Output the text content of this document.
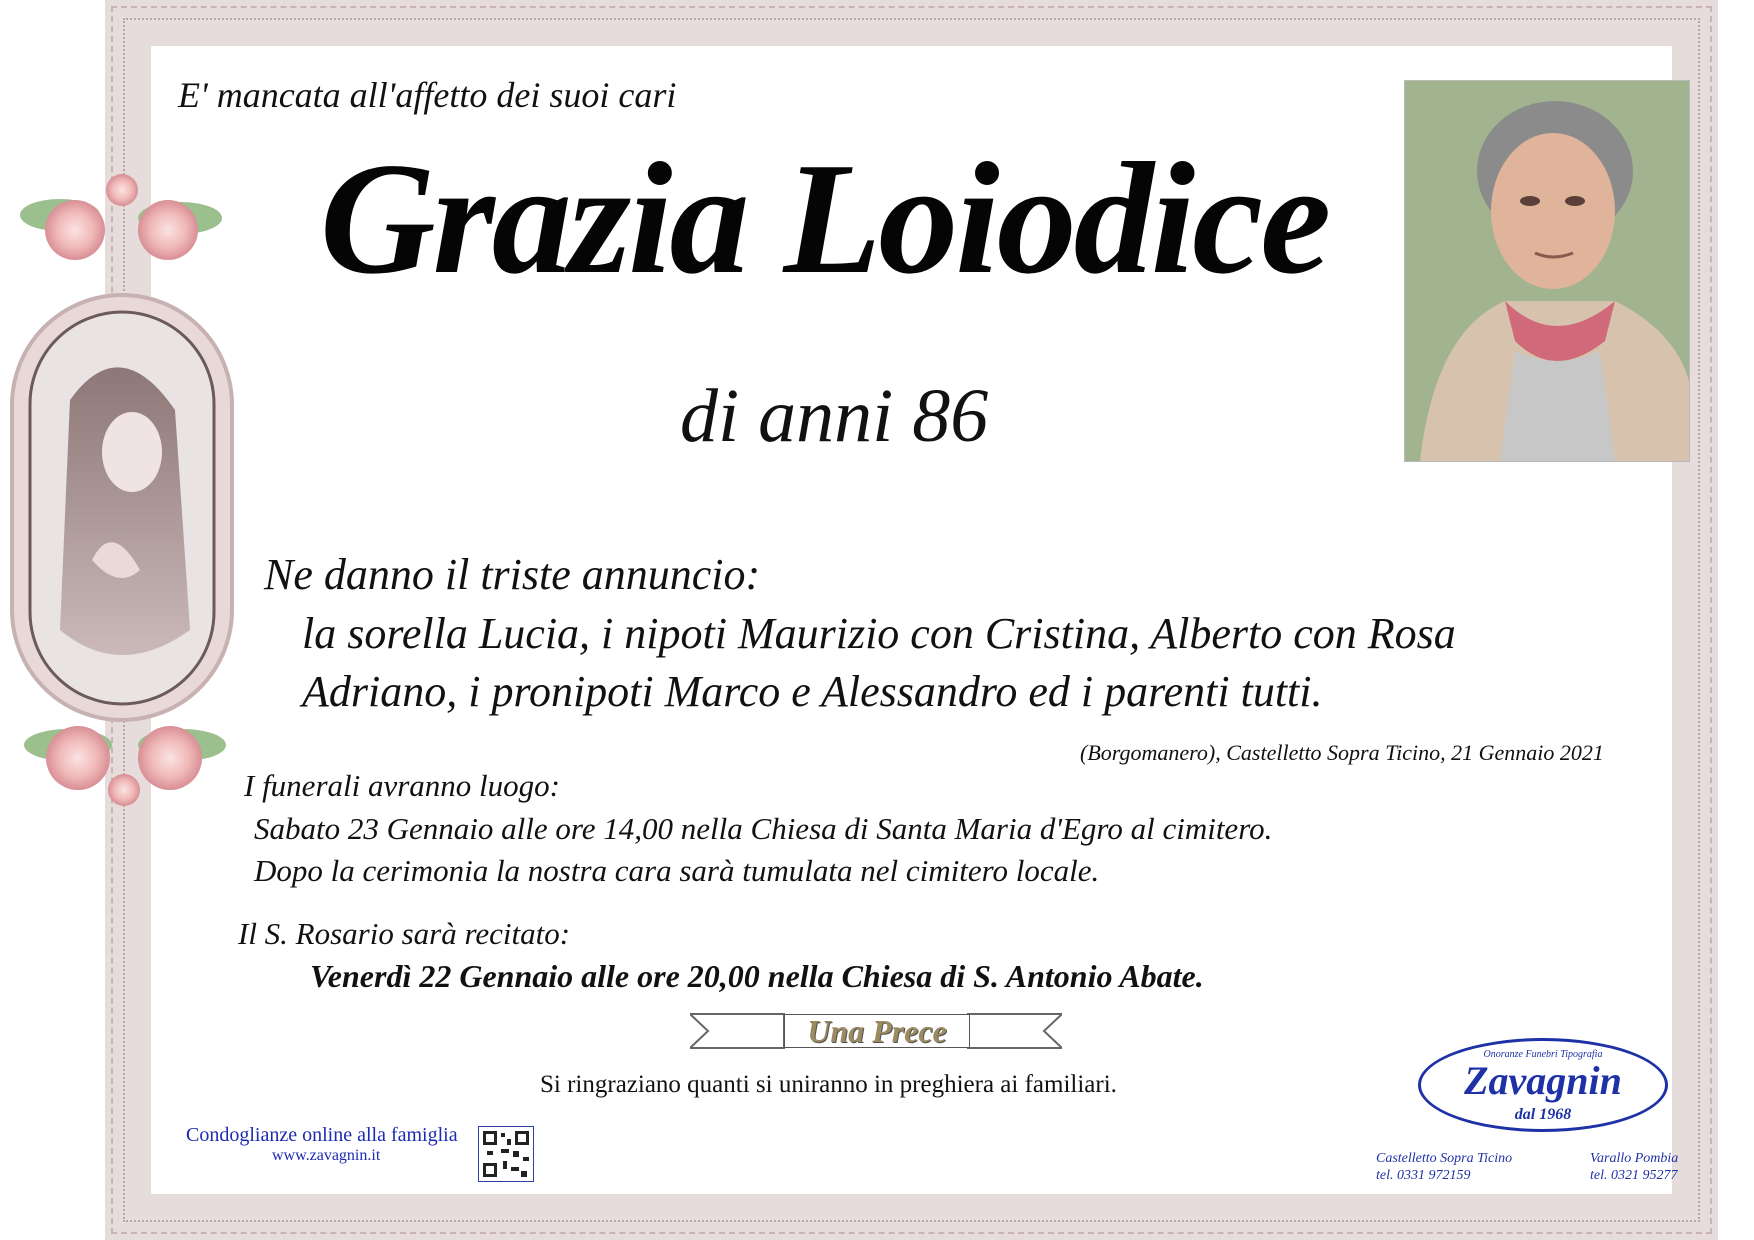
E' mancata all'affetto dei suoi cari
Grazia Loiodice
di anni 86
Ne danno il triste annuncio:
la sorella Lucia, i nipoti Maurizio con Cristina, Alberto con Rosa
Adriano, i pronipoti Marco e Alessandro ed i parenti tutti.
(Borgomanero), Castelletto Sopra Ticino, 21 Gennaio 2021
I funerali avranno luogo:
Sabato 23 Gennaio alle ore 14,00 nella Chiesa di Santa Maria d'Egro al cimitero.
Dopo la cerimonia la nostra cara sarà tumulata nel cimitero locale.
Il S. Rosario sarà recitato:
Venerdì 22 Gennaio alle ore 20,00 nella Chiesa di S. Antonio Abate.
Una Prece
Si ringraziano quanti si uniranno in preghiera ai familiari.
Condoglianze online alla famiglia
www.zavagnin.it
Onoranze Funebri Tipografia
Zavagnin
dal 1968
Castelletto Sopra Ticino
tel. 0331 972159
Varallo Pombia
tel. 0321 95277
